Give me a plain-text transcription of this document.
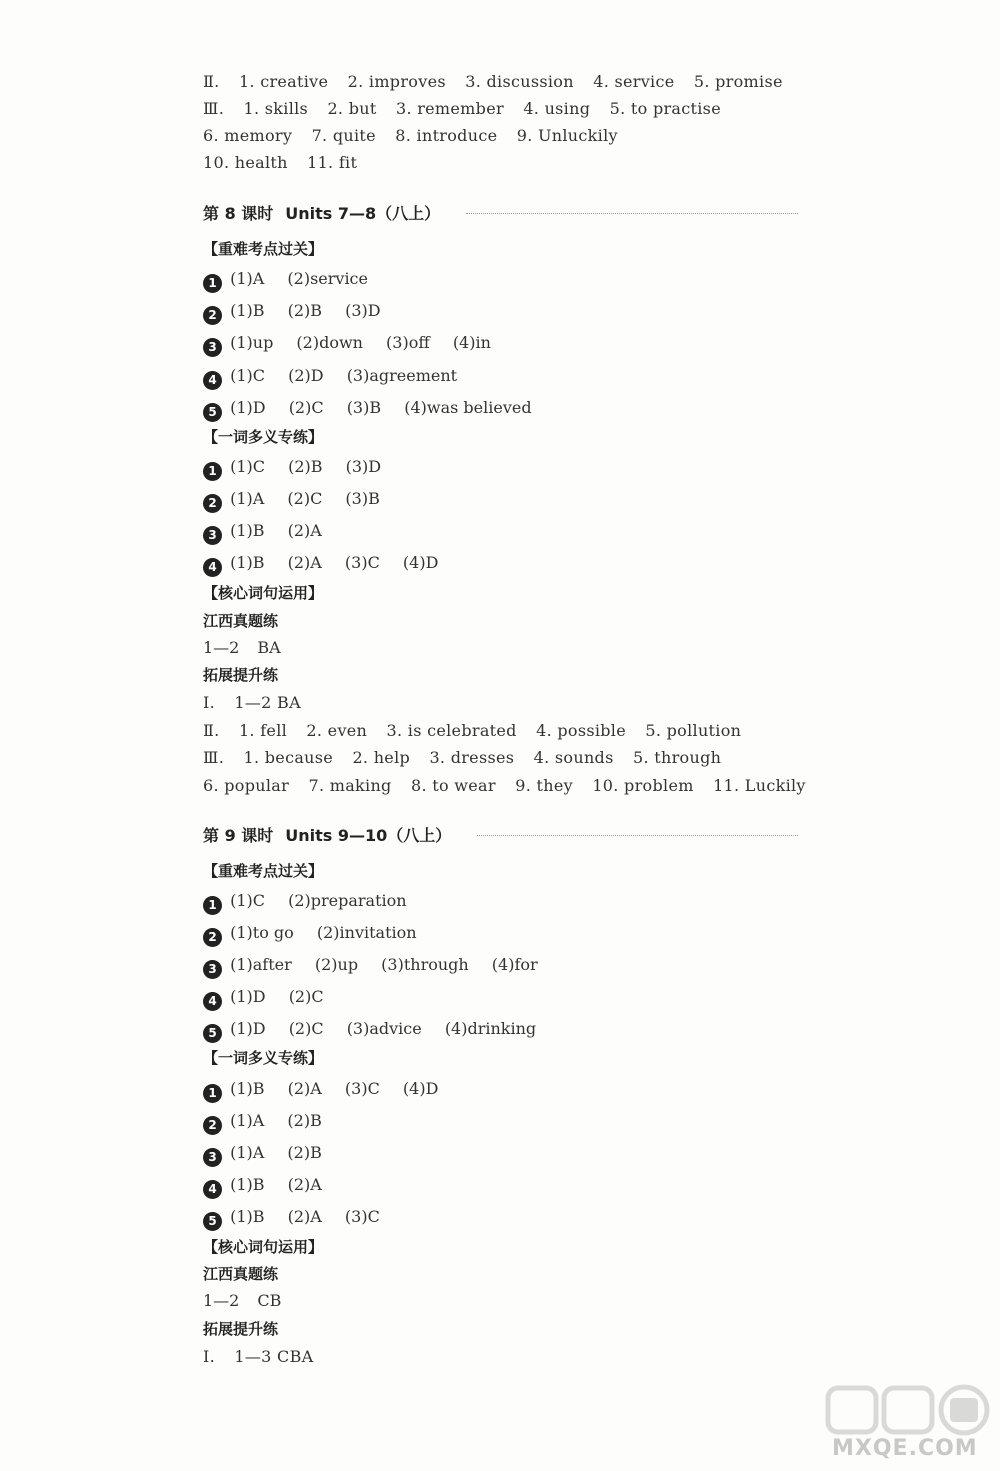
Ⅱ. 1. creative 2. improves 3. discussion 4. service 5. promise
Ⅲ. 1. skills 2. but 3. remember 4. using 5. to practise
6. memory 7. quite 8. introduce 9. Unluckily
10. health 11. fit
第 8 课时 Units 7—8（八上）
【重难考点过关】
1 (1)A (2)service
2 (1)B (2)B (3)D
3 (1)up (2)down (3)off (4)in
4 (1)C (2)D (3)agreement
5 (1)D (2)C (3)B (4)was believed
【一词多义专练】
1 (1)C (2)B (3)D
2 (1)A (2)C (3)B
3 (1)B (2)A
4 (1)B (2)A (3)C (4)D
【核心词句运用】
江西真题练
1—2 BA
拓展提升练
Ⅰ. 1—2 BA
Ⅱ. 1. fell 2. even 3. is celebrated 4. possible 5. pollution
Ⅲ. 1. because 2. help 3. dresses 4. sounds 5. through
6. popular 7. making 8. to wear 9. they 10. problem 11. Luckily
第 9 课时 Units 9—10（八上）
【重难考点过关】
1 (1)C (2)preparation
2 (1)to go (2)invitation
3 (1)after (2)up (3)through (4)for
4 (1)D (2)C
5 (1)D (2)C (3)advice (4)drinking
【一词多义专练】
1 (1)B (2)A (3)C (4)D
2 (1)A (2)B
3 (1)A (2)B
4 (1)B (2)A
5 (1)B (2)A (3)C
【核心词句运用】
江西真题练
1—2 CB
拓展提升练
Ⅰ. 1—3 CBA
MXQE.COM
